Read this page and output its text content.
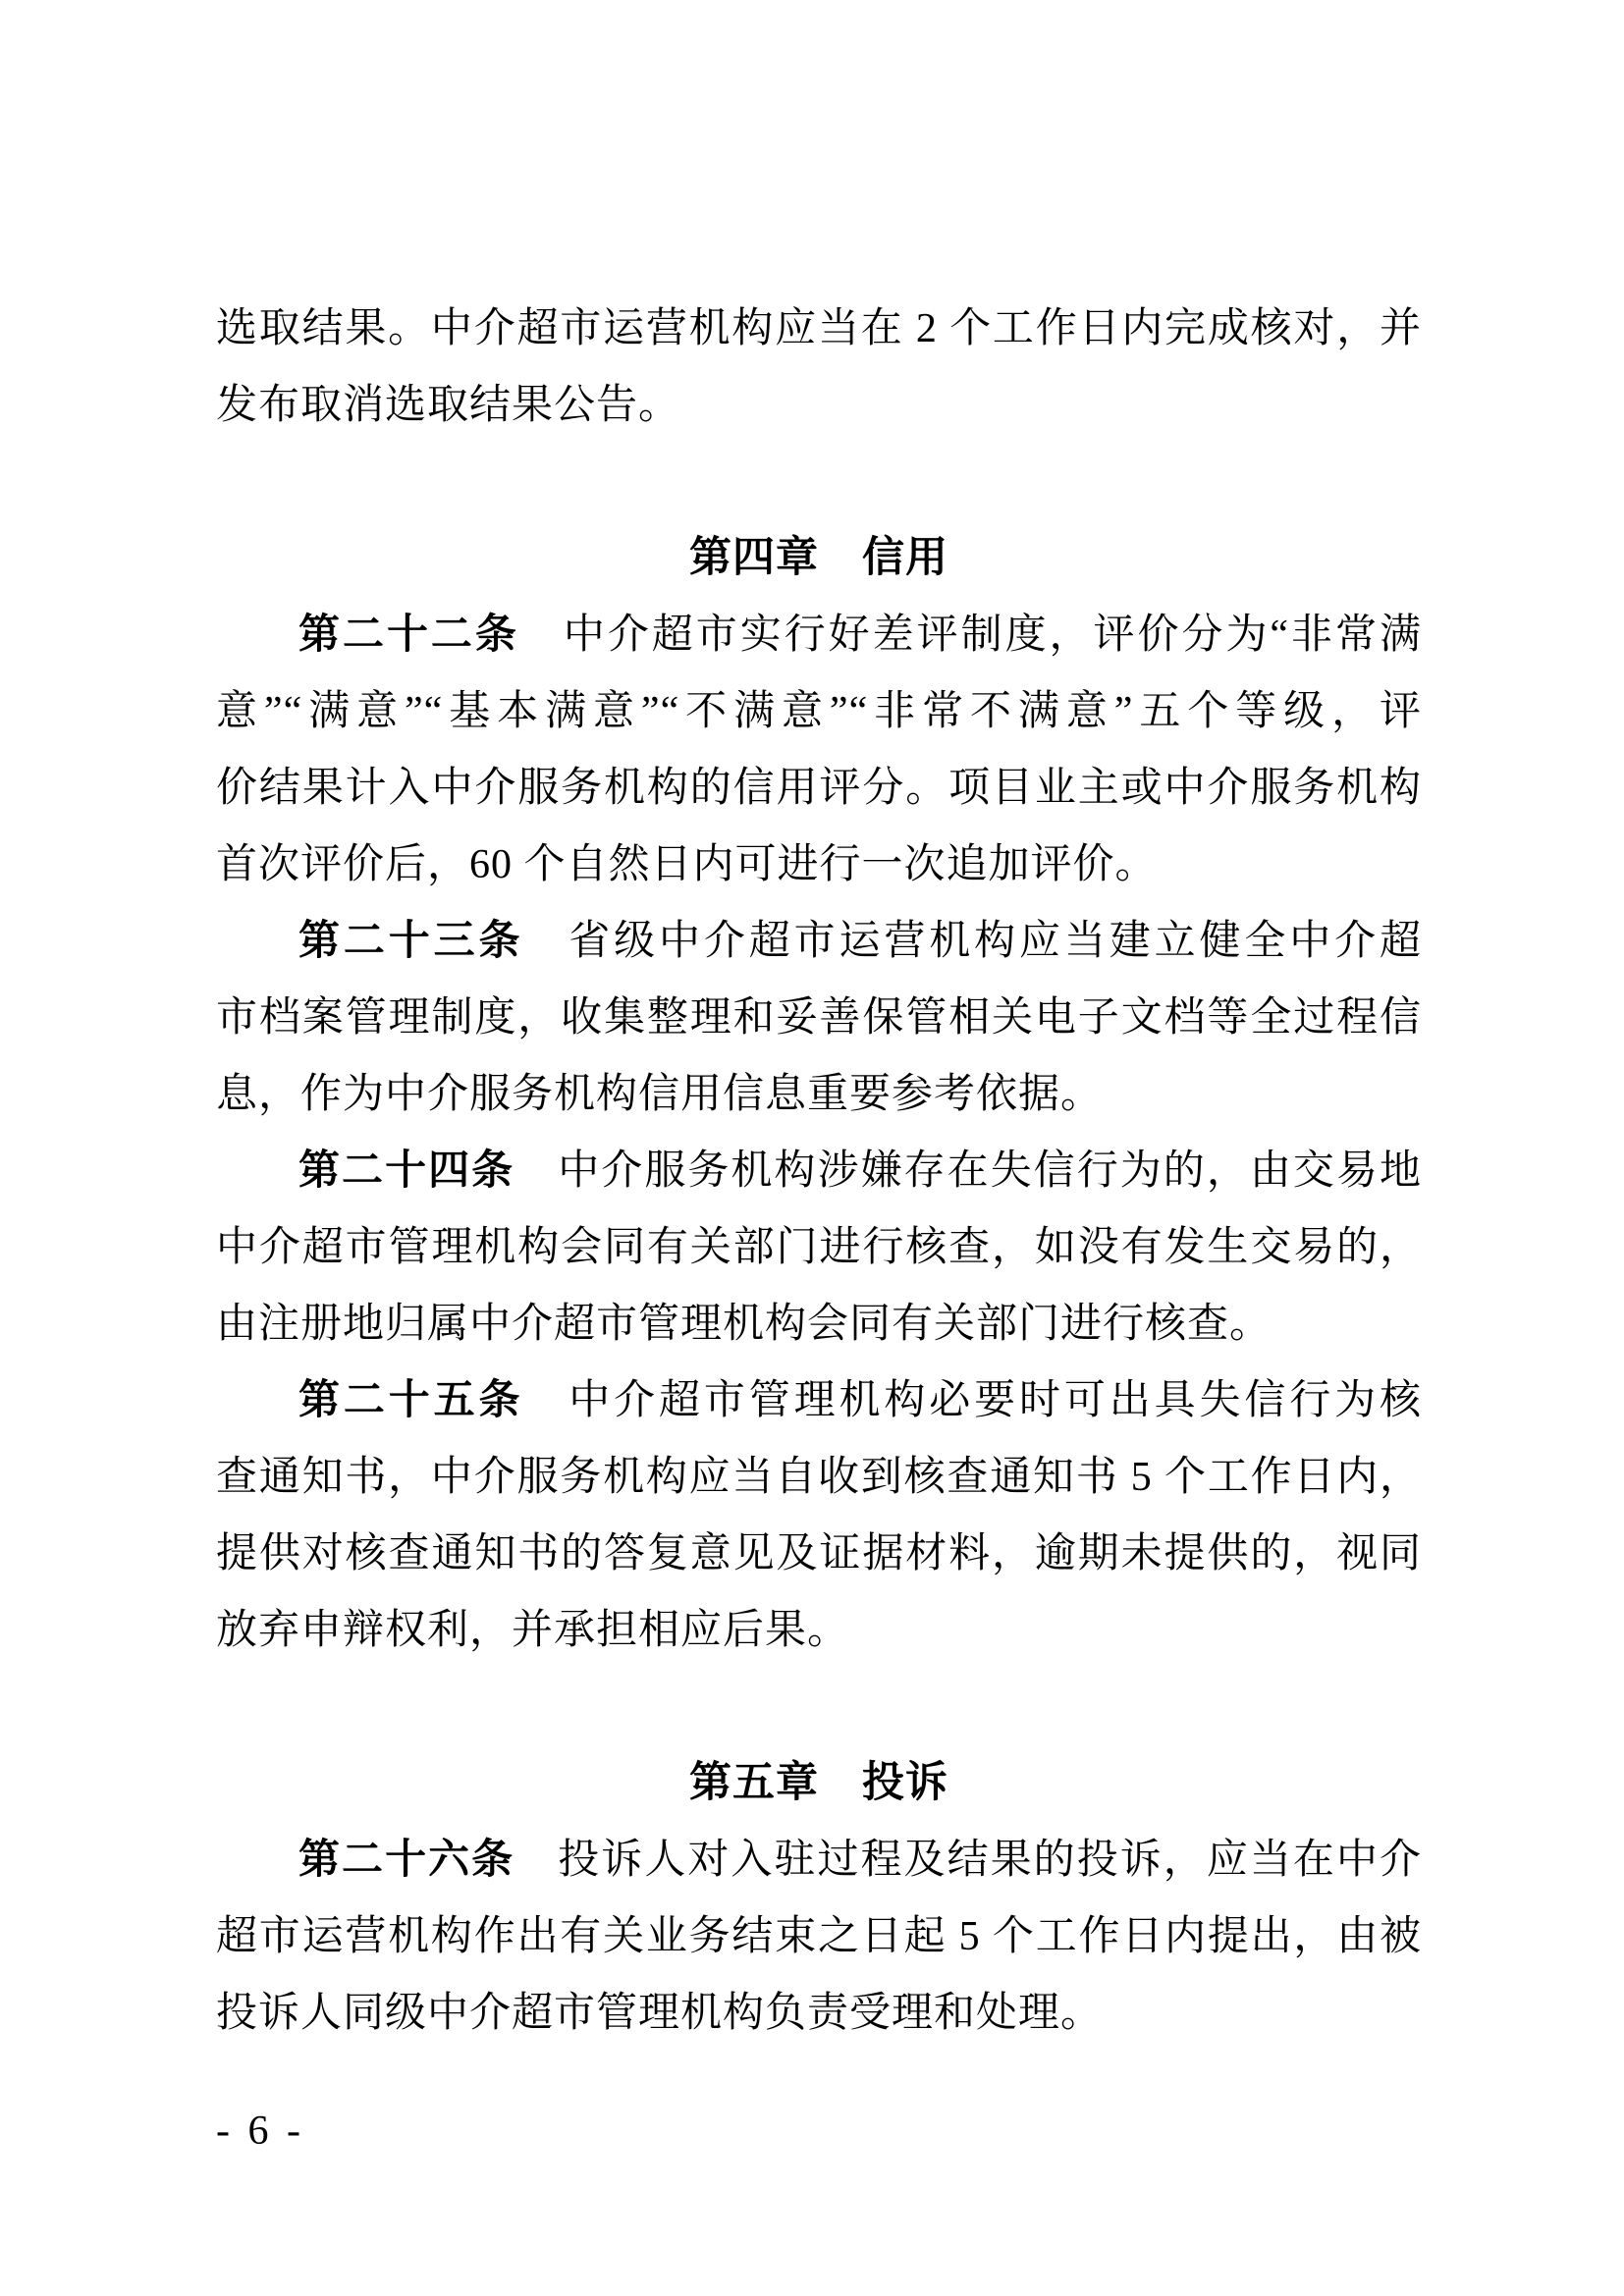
选取结果。中介超市运营机构应当在 2 个工作日内完成核对，并
发布取消选取结果公告。
第四章　信用
第二十二条　中介超市实行好差评制度，评价分为“非常满
意”“满意”“基本满意”“不满意”“非常不满意”五个等级，评
价结果计入中介服务机构的信用评分。项目业主或中介服务机构
首次评价后，60 个自然日内可进行一次追加评价。
第二十三条　省级中介超市运营机构应当建立健全中介超
市档案管理制度，收集整理和妥善保管相关电子文档等全过程信
息，作为中介服务机构信用信息重要参考依据。
第二十四条　中介服务机构涉嫌存在失信行为的，由交易地
中介超市管理机构会同有关部门进行核查，如没有发生交易的，
由注册地归属中介超市管理机构会同有关部门进行核查。
第二十五条　中介超市管理机构必要时可出具失信行为核
查通知书，中介服务机构应当自收到核查通知书 5 个工作日内，
提供对核查通知书的答复意见及证据材料，逾期未提供的，视同
放弃申辩权利，并承担相应后果。
第五章　投诉
第二十六条　投诉人对入驻过程及结果的投诉，应当在中介
超市运营机构作出有关业务结束之日起 5 个工作日内提出，由被
投诉人同级中介超市管理机构负责受理和处理。
- 6 -
